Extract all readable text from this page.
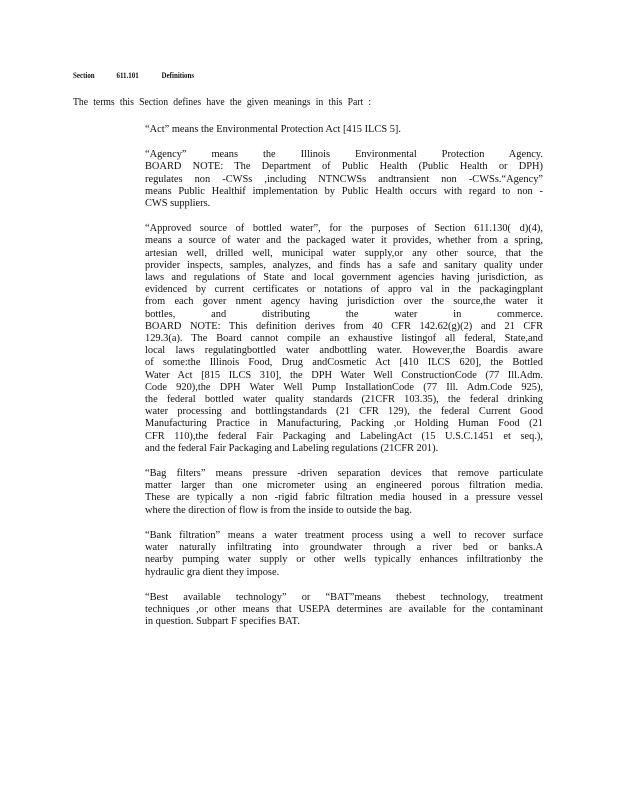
Section	611.101	Definitions
The terms this Section defines have the given meanings in this Part :
“Act” means the Environmental Protection Act [415 ILCS 5].
“Agency” means the Illinois Environmental Protection Agency.
BOARD NOTE: The Department of Public Health (Public Health or DPH)
regulates non -CWSs ,including NTNCWSs andtransient non -CWSs.“Agency”
means Public Healthif implementation by Public Health occurs with regard to non -
CWS suppliers.
“Approved source of bottled water”, for the purposes of Section 611.130( d)(4),
means a source of water and the packaged water it provides, whether from a spring,
artesian well, drilled well, municipal water supply,or any other source, that the
provider inspects, samples, analyzes, and finds has a safe and sanitary quality under
laws and regulations of State and local government agencies having jurisdiction, as
evidenced by current certificates or notations of appro val in the packagingplant
from each gover nment agency having jurisdiction over the source,the water it
bottles, and distributing the water in commerce.
BOARD NOTE: This definition derives from 40 CFR 142.62(g)(2) and 21 CFR
129.3(a). The Board cannot compile an exhaustive listingof all federal, State,and
local laws regulatingbottled water andbottling water. However,the Boardis aware
of some:the Illinois Food, Drug andCosmetic Act [410 ILCS 620], the Bottled
Water Act [815 ILCS 310], the DPH Water Well ConstructionCode (77 Ill.Adm.
Code 920),the DPH Water Well Pump InstallationCode (77 Ill. Adm.Code 925),
the federal bottled water quality standards (21CFR 103.35), the federal drinking
water processing and bottlingstandards (21 CFR 129), the federal Current Good
Manufacturing Practice in Manufacturing, Packing ,or Holding Human Food (21
CFR 110),the federal Fair Packaging and LabelingAct (15 U.S.C.1451 et seq.),
and the federal Fair Packaging and Labeling regulations (21CFR 201).
“Bag filters” means pressure -driven separation devices that remove particulate
matter larger than one micrometer using an engineered porous filtration media.
These are typically a non -rigid fabric filtration media housed in a pressure vessel
where the direction of flow is from the inside to outside the bag.
“Bank filtration” means a water treatment process using a well to recover surface
water naturally infiltrating into groundwater through a river bed or banks.A
nearby pumping water supply or other wells typically enhances infiltrationby the
hydraulic gra dient they impose.
“Best available technology” or “BAT”means thebest technology, treatment
techniques ,or other means that USEPA determines are available for the contaminant
in question. Subpart F specifies BAT.
